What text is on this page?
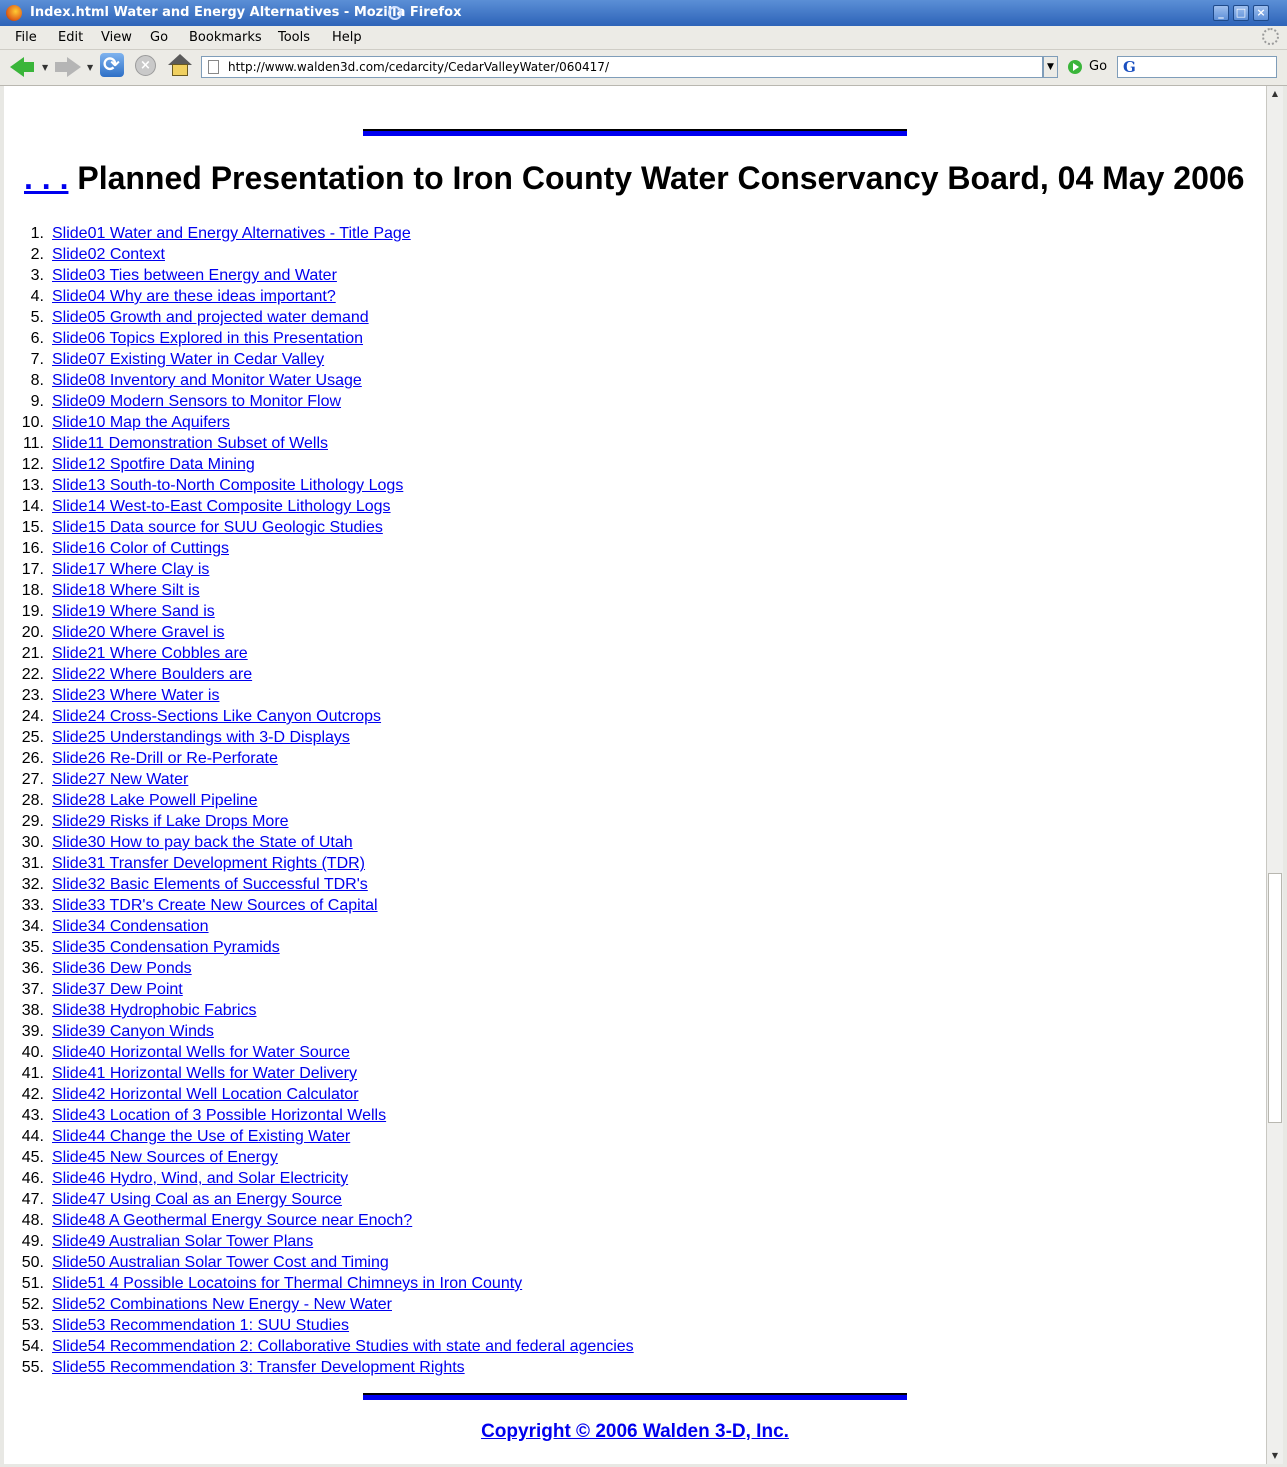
Index.html Water and Energy Alternatives - Mozilla Firefox	_	□ ×
File Edit View Go Bookmarks Tools Help
▼	▼
⟳	×	http://www.walden3d.com/cedarcity/CedarValleyWater/060417/	▼	Go G
. . . Planned Presentation to Iron County Water Conservancy Board, 04 May 2006
1. Slide01 Water and Energy Alternatives - Title Page
2. Slide02 Context
3. Slide03 Ties between Energy and Water
4. Slide04 Why are these ideas important?
5. Slide05 Growth and projected water demand
6. Slide06 Topics Explored in this Presentation
7. Slide07 Existing Water in Cedar Valley
8. Slide08 Inventory and Monitor Water Usage
9. Slide09 Modern Sensors to Monitor Flow
10. Slide10 Map the Aquifers
11. Slide11 Demonstration Subset of Wells
12. Slide12 Spotfire Data Mining
13. Slide13 South-to-North Composite Lithology Logs
14. Slide14 West-to-East Composite Lithology Logs
15. Slide15 Data source for SUU Geologic Studies
16. Slide16 Color of Cuttings
17. Slide17 Where Clay is
18. Slide18 Where Silt is
19. Slide19 Where Sand is
20. Slide20 Where Gravel is
21. Slide21 Where Cobbles are
22. Slide22 Where Boulders are
23. Slide23 Where Water is
24. Slide24 Cross-Sections Like Canyon Outcrops
25. Slide25 Understandings with 3-D Displays
26. Slide26 Re-Drill or Re-Perforate
27. Slide27 New Water
28. Slide28 Lake Powell Pipeline
29. Slide29 Risks if Lake Drops More
30. Slide30 How to pay back the State of Utah
31. Slide31 Transfer Development Rights (TDR)
32. Slide32 Basic Elements of Successful TDR's
33. Slide33 TDR's Create New Sources of Capital
34. Slide34 Condensation
35. Slide35 Condensation Pyramids
36. Slide36 Dew Ponds
37. Slide37 Dew Point
38. Slide38 Hydrophobic Fabrics
39. Slide39 Canyon Winds
40. Slide40 Horizontal Wells for Water Source
41. Slide41 Horizontal Wells for Water Delivery
42. Slide42 Horizontal Well Location Calculator
43. Slide43 Location of 3 Possible Horizontal Wells
44. Slide44 Change the Use of Existing Water
45. Slide45 New Sources of Energy
46. Slide46 Hydro, Wind, and Solar Electricity
47. Slide47 Using Coal as an Energy Source
48. Slide48 A Geothermal Energy Source near Enoch?
49. Slide49 Australian Solar Tower Plans
50. Slide50 Australian Solar Tower Cost and Timing
51. Slide51 4 Possible Locatoins for Thermal Chimneys in Iron County
52. Slide52 Combinations New Energy - New Water
53. Slide53 Recommendation 1: SUU Studies
54. Slide54 Recommendation 2: Collaborative Studies with state and federal agencies
55. Slide55 Recommendation 3: Transfer Development Rights
Copyright © 2006 Walden 3-D, Inc.
▲
▼
